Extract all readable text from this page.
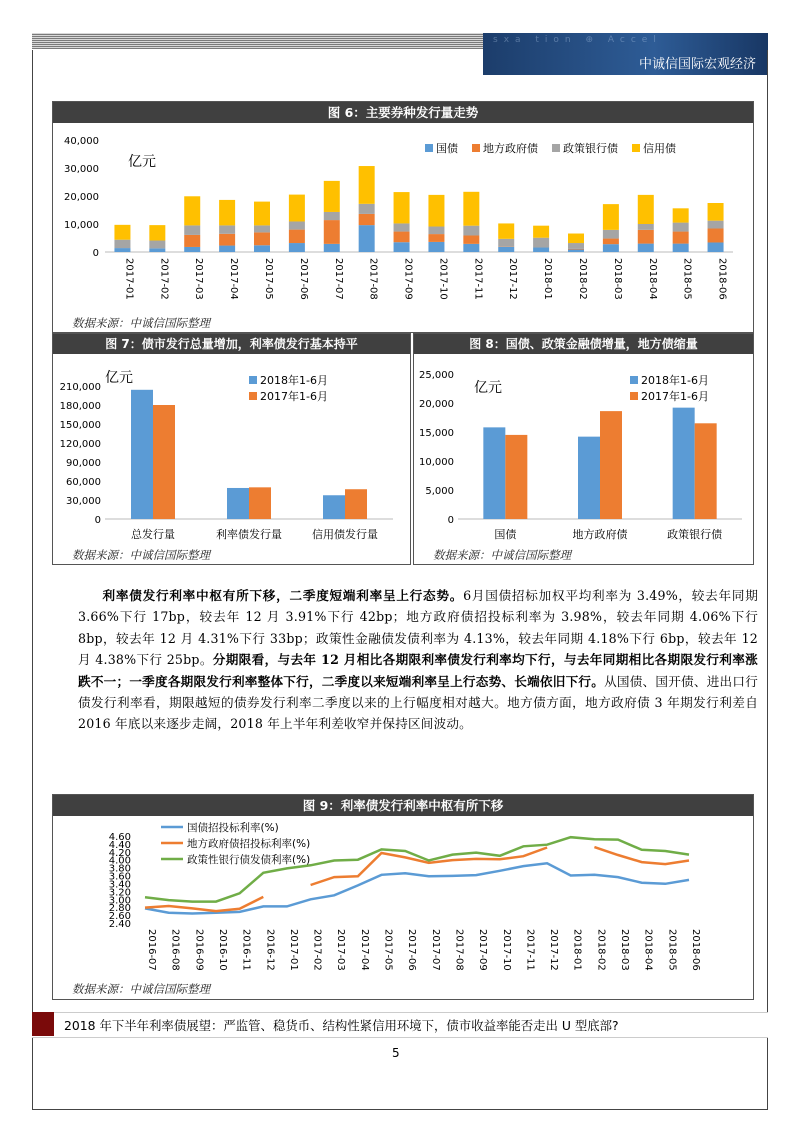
sxa tion ⊕ Accel
中诚信国际宏观经济
图 6：主要券种发行量走势
0
10,000
20,000
30,000
40,000
亿元
2017-01 2017-02 2017-03 2017-04 2017-05 2017-06 2017-07 2017-08 2017-09 2017-10 2017-11 2017-12 2018-01 2018-02 2018-03 2018-04 2018-05 2018-06
国债 地方政府债 政策银行债 信用债
数据来源：中诚信国际整理
图 7：债市发行总量增加，利率债发行基本持平
0
30,000
60,000
90,000
120,000
150,000
180,000
210,000
亿元
总发行量	利率债发行量	信用债发行量
2018年1-6月
2017年1-6月
数据来源：中诚信国际整理
图 8：国债、政策金融债增量，地方债缩量
0
5,000
10,000
15,000
20,000
25,000
亿元
国债	地方政府债	政策银行债
2018年1-6月
2017年1-6月
数据来源：中诚信国际整理
利率债发行利率中枢有所下移，二季度短端利率呈上行态势。6月国债招标加权平均利率为 3.49%，较去年同期 3.66%下行 17bp，较去年 12 月 3.91%下行 42bp；地方政府债招投标利率为 3.98%，较去年同期 4.06%下行 8bp，较去年 12 月 4.31%下行 33bp；政策性金融债发债利率为 4.13%，较去年同期 4.18%下行 6bp，较去年 12 月 4.38%下行 25bp。分期限看，与去年 12 月相比各期限利率债发行利率均下行，与去年同期相比各期限发行利率涨跌不一；一季度各期限发行利率整体下行，二季度以来短端利率呈上行态势、长端依旧下行。从国债、国开债、进出口行债发行利率看，期限越短的债券发行利率二季度以来的上行幅度相对越大。地方债方面，地方政府债 3 年期发行利差自 2016 年底以来逐步走阔，2018 年上半年利差收窄并保持区间波动。
图 9：利率债发行利率中枢有所下移
2.40
2.60
2.80
3.00
3.20
3.40
3.60
3.80
4.00
4.20
4.40
4.60
2016-07 2016-08 2016-09 2016-10 2016-11 2016-12 2017-01 2017-02 2017-03 2017-04 2017-05 2017-06 2017-07 2017-08 2017-09 2017-10 2017-11 2017-12 2018-01 2018-02 2018-03 2018-04 2018-05 2018-06
国债招投标利率(%)
地方政府债招投标利率(%)
政策性银行债发债利率(%)
数据来源：中诚信国际整理
2018 年下半年利率债展望：严监管、稳货币、结构性紧信用环境下，债市收益率能否走出 U 型底部?
5
